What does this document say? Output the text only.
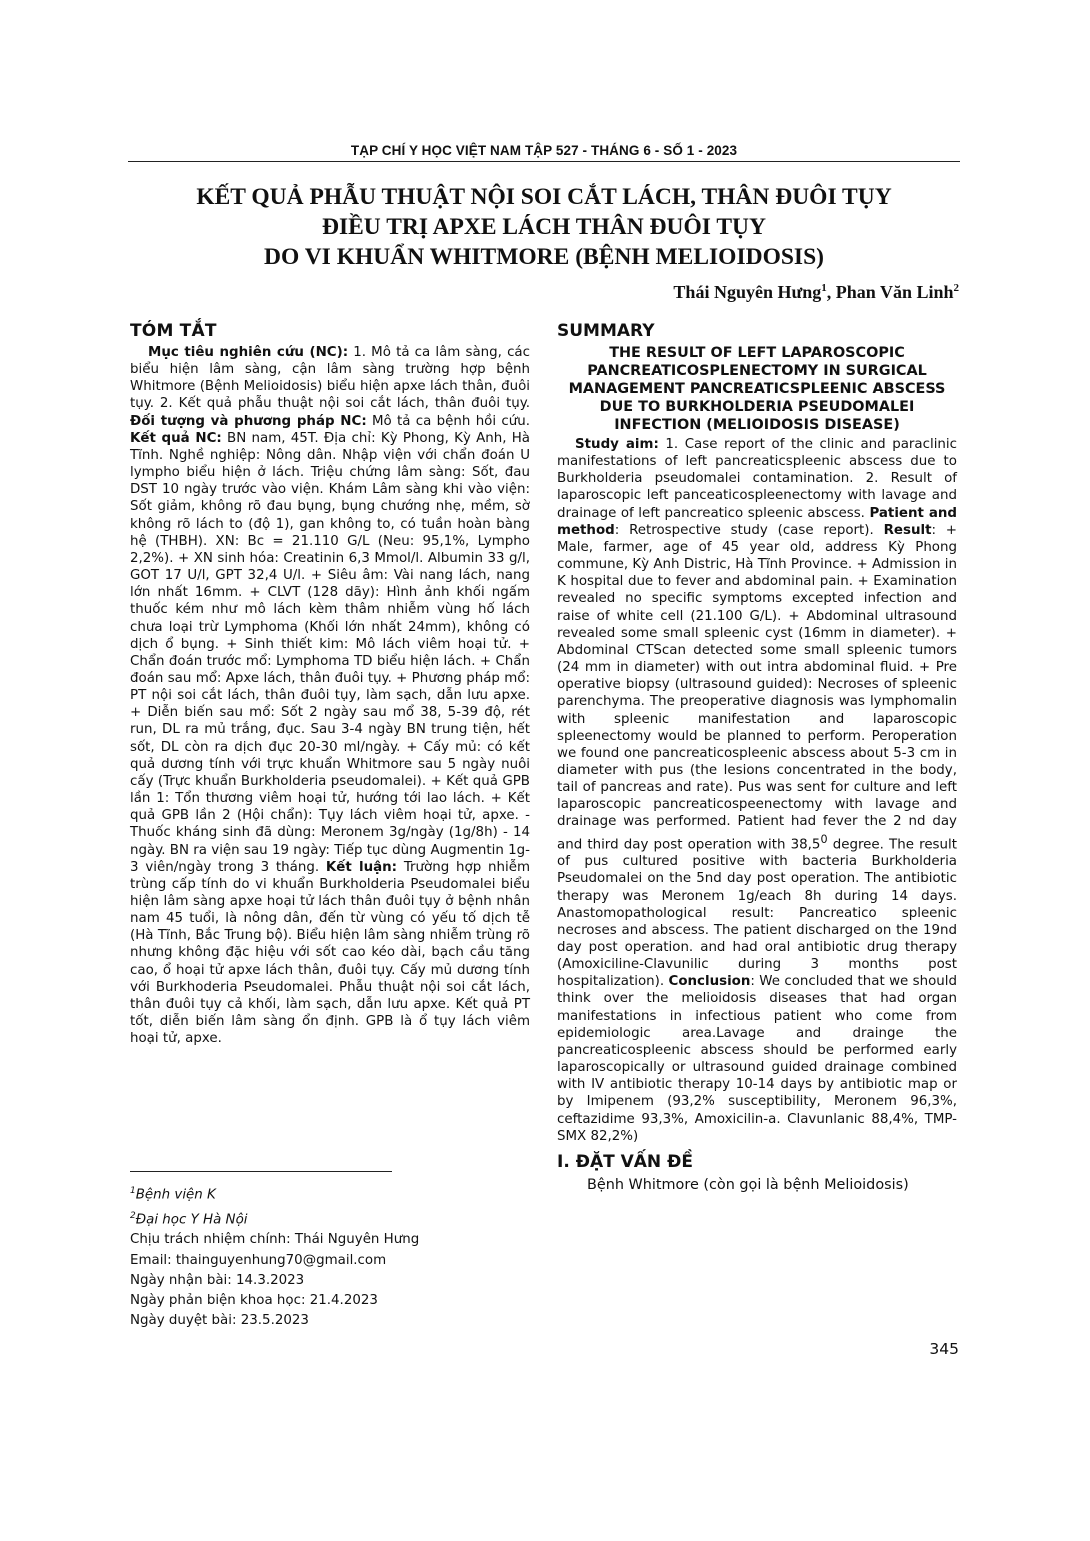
TẠP CHÍ Y HỌC VIỆT NAM TẬP 527 - THÁNG 6 - SỐ 1 - 2023
KẾT QUẢ PHẪU THUẬT NỘI SOI CẮT LÁCH, THÂN ĐUÔI TỤY
ĐIỀU TRỊ APXE LÁCH THÂN ĐUÔI TỤY
DO VI KHUẨN WHITMORE (BỆNH MELIOIDOSIS)
Thái Nguyên Hưng$^1$, Phan Văn Linh$^2$
TÓM TẮT

Mục tiêu nghiên cứu (NC): 1. Mô tả ca lâm sàng, các biểu hiện lâm sàng, cận lâm sàng trường hợp bệnh Whitmore (Bệnh Melioidosis) biểu hiện apxe lách thân, đuôi tụy. 2. Kết quả phẫu thuật nội soi cắt lách, thân đuôi tụy. Đối tượng và phương pháp NC: Mô tả ca bệnh hồi cứu. Kết quả NC: BN nam, 45T. Địa chỉ: Kỳ Phong, Kỳ Anh, Hà Tĩnh. Nghề nghiệp: Nông dân. Nhập viện với chẩn đoán U lympho biểu hiện ở lách. Triệu chứng lâm sàng: Sốt, đau DST 10 ngày trước vào viện. Khám Lâm sàng khi vào viện: Sốt giảm, không rõ đau bụng, bụng chướng nhẹ, mềm, sờ không rõ lách to (độ 1), gan không to, có tuần hoàn bàng hệ (THBH). XN: Bc = 21.110 G/L (Neu: 95,1%, Lympho 2,2%). + XN sinh hóa: Creatinin 6,3 Mmol/l. Albumin 33 g/l, GOT 17 U/l, GPT 32,4 U/l. + Siêu âm: Vài nang lách, nang lớn nhất 16mm. + CLVT (128 dãy): Hình ảnh khối ngấm thuốc kém như mô lách kèm thâm nhiễm vùng hố lách chưa loại trừ Lymphoma (Khối lớn nhất 24mm), không có dịch ổ bụng. + Sinh thiết kim: Mô lách viêm hoại tử. + Chẩn đoán trước mổ: Lymphoma TD biểu hiện lách. + Chẩn đoán sau mổ: Apxe lách, thân đuôi tụy. + Phương pháp mổ: PT nội soi cắt lách, thân đuôi tụy, làm sạch, dẫn lưu apxe. + Diễn biến sau mổ: Sốt 2 ngày sau mổ 38, 5-39 độ, rét run, DL ra mủ trắng, đục. Sau 3-4 ngày BN trung tiện, hết sốt, DL còn ra dịch đục 20-30 ml/ngày. + Cấy mủ: có kết quả dương tính với trực khuẩn Whitmore sau 5 ngày nuôi cấy (Trực khuẩn Burkholderia pseudomalei). + Kết quả GPB lần 1: Tổn thương viêm hoại tử, hướng tới lao lách. + Kết quả GPB lần 2 (Hội chẩn): Tụy lách viêm hoại tử, apxe. - Thuốc kháng sinh đã dùng: Meronem 3g/ngày (1g/8h) - 14 ngày. BN ra viện sau 19 ngày: Tiếp tục dùng Augmentin 1g-3 viên/ngày trong 3 tháng. Kết luận: Trường hợp nhiễm trùng cấp tính do vi khuẩn Burkholderia Pseudomalei biểu hiện lâm sàng apxe hoại tử lách thân đuôi tụy ở bệnh nhân nam 45 tuổi, là nông dân, đến từ vùng có yếu tố dịch tễ (Hà Tĩnh, Bắc Trung bộ). Biểu hiện lâm sàng nhiễm trùng rõ nhưng không đặc hiệu với sốt cao kéo dài, bạch cầu tăng cao, ổ hoại tử apxe lách thân, đuôi tụy. Cấy mủ dương tính với Burkhoderia Pseudomalei. Phẫu thuật nội soi cắt lách, thân đuôi tụy cả khối, làm sạch, dẫn lưu apxe. Kết quả PT tốt, diễn biến lâm sàng ổn định. GPB là ổ tụy lách viêm hoại tử, apxe.

$^1$Bệnh viện K
$^2$Đại học Y Hà Nội
Chịu trách nhiệm chính: Thái Nguyên Hưng
Email: thainguyenhung70@gmail.com
Ngày nhận bài: 14.3.2023
Ngày phản biện khoa học: 21.4.2023
Ngày duyệt bài: 23.5.2023
SUMMARY
THE RESULT OF LEFT LAPAROSCOPIC PANCREATICOSPLENECTOMY IN SURGICAL MANAGEMENT PANCREATICSPLEENIC ABSCESS DUE TO BURKHOLDERIA PSEUDOMALEI INFECTION (MELIOIDOSIS DISEASE)

Study aim: 1. Case report of the clinic and paraclinic manifestations of left pancreaticspleenic abscess due to Burkholderia pseudomalei contamination. 2. Result of laparoscopic left panceaticospleenectomy with lavage and drainage of left pancreatico spleenic abscess. Patient and method: Retrospective study (case report). Result: + Male, farmer, age of 45 year old, address Kỳ Phong commune, Kỳ Anh Distric, Hà Tĩnh Province. + Admission in K hospital due to fever and abdominal pain. + Examination revealed no specific symptoms excepted infection and raise of white cell (21.100 G/L). + Abdominal ultrasound revealed some small spleenic cyst (16mm in diameter). + Abdominal CTScan detected some small spleenic tumors (24 mm in diameter) with out intra abdominal fluid. + Pre operative biopsy (ultrasound guided): Necroses of spleenic parenchyma. The preoperative diagnosis was lymphomalin with spleenic manifestation and laparoscopic spleenectomy would be planned to perform. Peroperation we found one pancreaticospleenic abscess about 5-3 cm in diameter with pus (the lesions concentrated in the body, tail of pancreas and rate). Pus was sent for culture and left laparoscopic pancreaticospeenectomy with lavage and drainage was performed. Patient had fever the 2 nd day and third day post operation with 38,5$^0$ degree. The result of pus cultured positive with bacteria Burkholderia Pseudomalei on the 5nd day post operation. The antibiotic therapy was Meronem 1g/each 8h during 14 days. Anastomopathological result: Pancreatico spleenic necroses and abscess. The patient discharged on the 19nd day post operation. and had oral antibiotic drug therapy (Amoxiciline-Clavunilic during 3 months post hospitalization). Conclusion: We concluded that we should think over the melioidosis diseases that had organ manifestations in infectious patient who come from epidemiologic area.Lavage and drainge the pancreaticospleenic abscess should be performed early laparoscopically or ultrasound guided drainage combined with IV antibiotic therapy 10-14 days by antibiotic map or by Imipenem (93,2% susceptibility, Meronem 96,3%, ceftazidime 93,3%, Amoxicilin-a. Clavunlanic 88,4%, TMP-SMX 82,2%)

I. ĐẶT VẤN ĐỀ

Bệnh Whitmore (còn gọi là bệnh Melioidosis)

345
